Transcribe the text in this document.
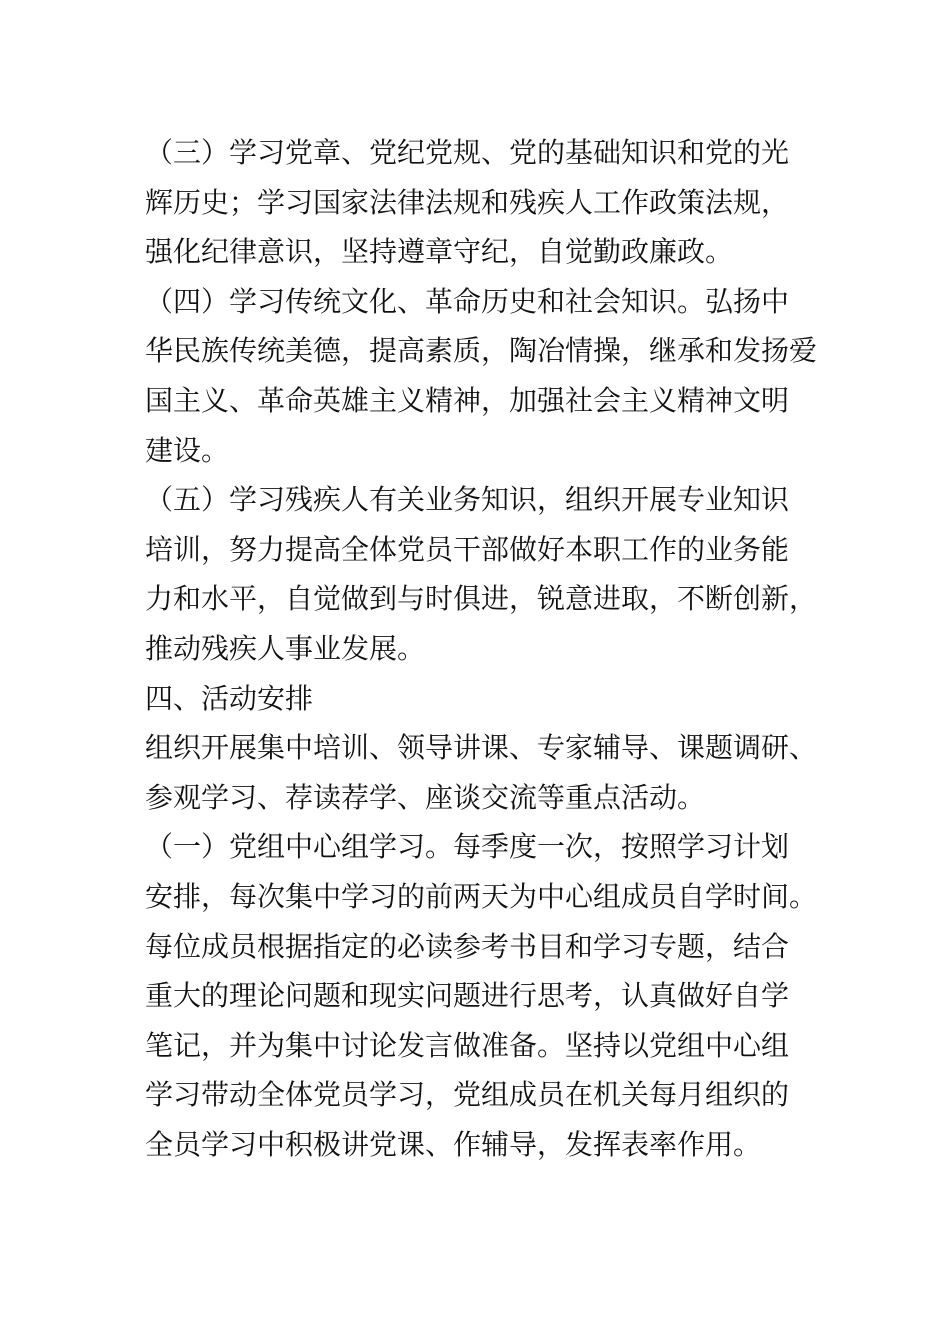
（三）学习党章、党纪党规、党的基础知识和党的光
辉历史；学习国家法律法规和残疾人工作政策法规，
强化纪律意识，坚持遵章守纪，自觉勤政廉政。

（四）学习传统文化、革命历史和社会知识。弘扬中
华民族传统美德，提高素质，陶冶情操，继承和发扬爱
国主义、革命英雄主义精神，加强社会主义精神文明
建设。

（五）学习残疾人有关业务知识，组织开展专业知识
培训，努力提高全体党员干部做好本职工作的业务能
力和水平，自觉做到与时俱进，锐意进取，不断创新，
推动残疾人事业发展。

四、活动安排

组织开展集中培训、领导讲课、专家辅导、课题调研、
参观学习、荐读荐学、座谈交流等重点活动。

（一）党组中心组学习。每季度一次，按照学习计划
安排，每次集中学习的前两天为中心组成员自学时间。
每位成员根据指定的必读参考书目和学习专题，结合
重大的理论问题和现实问题进行思考，认真做好自学
笔记，并为集中讨论发言做准备。坚持以党组中心组
学习带动全体党员学习，党组成员在机关每月组织的
全员学习中积极讲党课、作辅导，发挥表率作用。
